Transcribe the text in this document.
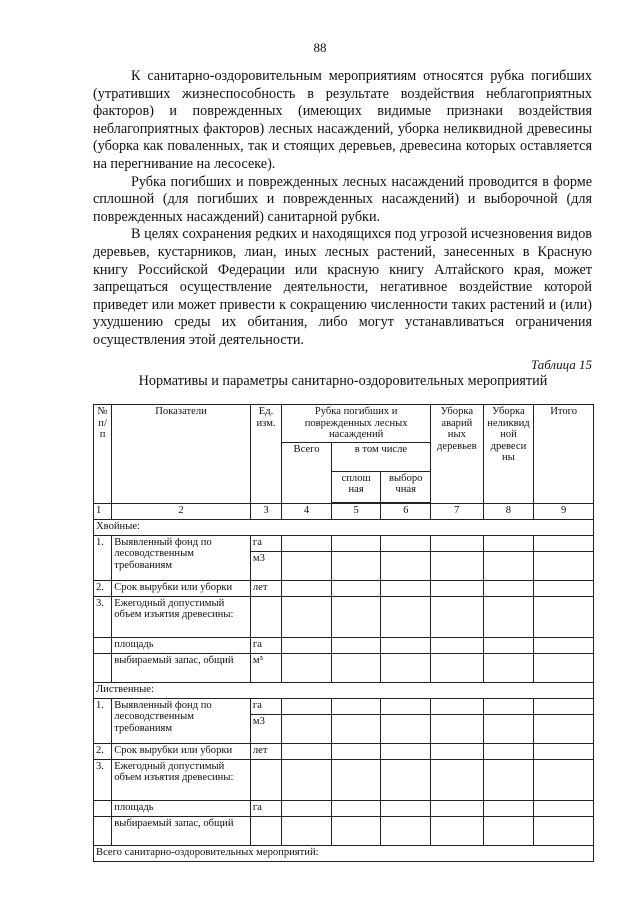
88

К санитарно-оздоровительным мероприятиям относятся рубка погибших (утративших жизнеспособность в результате воздействия неблагоприятных факторов) и поврежденных (имеющих видимые признаки воздействия неблагоприятных факторов) лесных насаждений, уборка неликвидной древесины (уборка как поваленных, так и стоящих деревьев, древесина которых оставляется на перегнивание на лесосеке).

Рубка погибших и поврежденных лесных насаждений проводится в форме сплошной (для погибших и поврежденных насаждений) и выборочной (для поврежденных насаждений) санитарной рубки.

В целях сохранения редких и находящихся под угрозой исчезновения видов деревьев, кустарников, лиан, иных лесных растений, занесенных в Красную книгу Российской Федерации или красную книгу Алтайского края, может запрещаться осуществление деятельности, негативное воздействие которой приведет или может привести к сокращению численности таких растений и (или) ухудшению среды их обитания, либо могут устанавливаться ограничения осуществления этой деятельности.

Таблица 15
Нормативы и параметры санитарно-оздоровительных мероприятий
№ п/п	Показатели	Ед. изм.	Рубка погибших и поврежденных лесных насаждений			Уборка аварий ных деревьев	Уборка неликвид ной древеси ны	Итого
			Всего	в том числе				
				сплош ная	выборо чная			

1	2	3	4	5	6	7	8	9
Хвойные:								
1.	Выявленный фонд по лесоводственным требованиям	га						
		м3						
2.	Срок вырубки или уборки	лет						
3.	Ежегодный допустимый объем изъятия древесины:							
	площадь	га						
	выбираемый запас, общий	м³						
Лиственные:								
1.	Выявленный фонд по лесоводственным требованиям	га						
		м3						
2.	Срок вырубки или уборки	лет						
3.	Ежегодный допустимый объем изъятия древесины:							
	площадь	га						
	выбираемый запас, общий							
Всего санитарно-оздоровительных мероприятий:								
